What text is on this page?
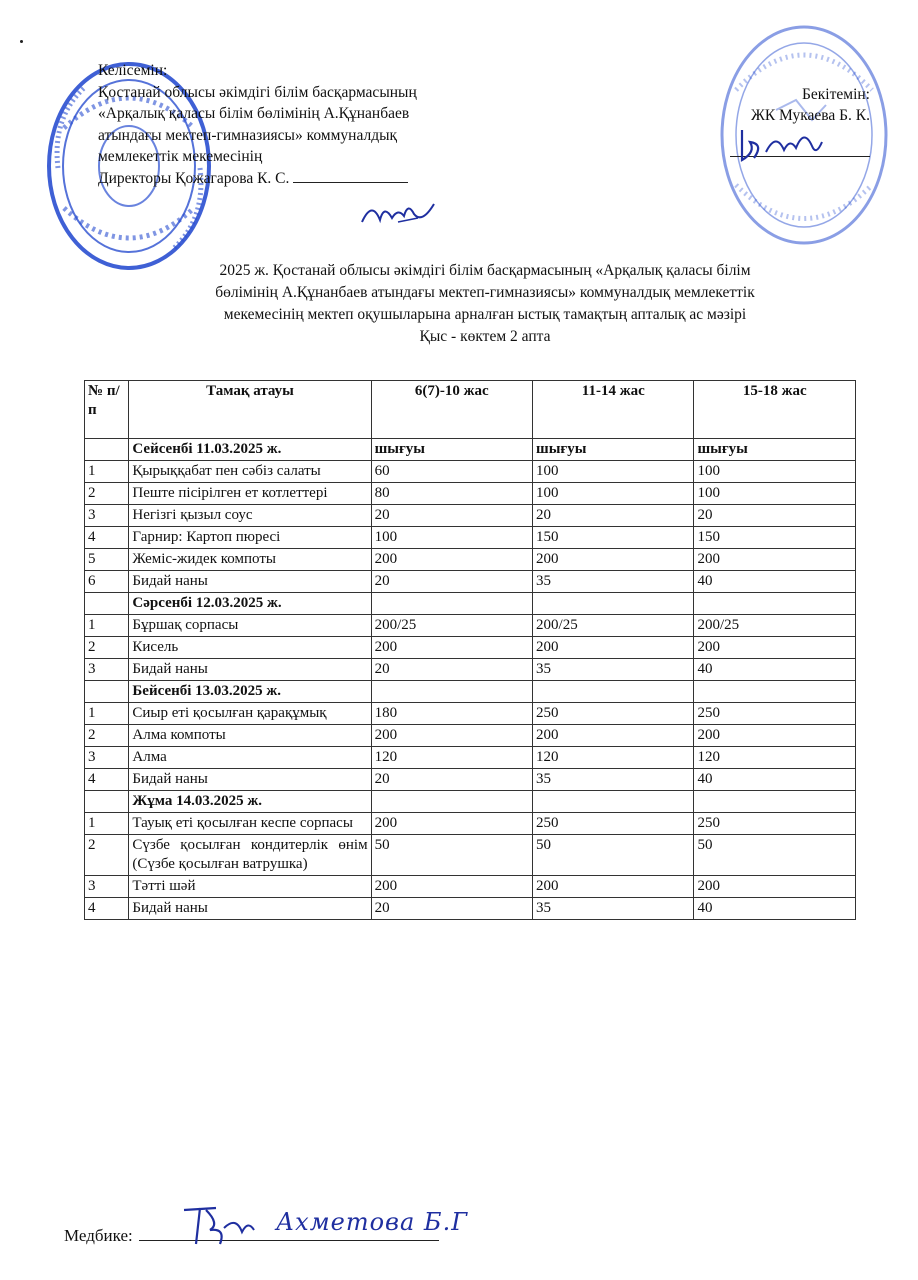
Келісемін:
Қостанай облысы әкімдігі білім басқармасының
«Арқалық қаласы білім бөлімінің А.Құнанбаев
атындағы мектеп-гимназиясы» коммуналдық
мемлекеттік мекемесінің
Директоры Қожагарова К. С.
Бекітемін:
ЖК Мукаева Б. К.
2025 ж. Қостанай облысы әкімдігі білім басқармасының «Арқалық қаласы білім
бөлімінің А.Құнанбаев атындағы мектеп-гимназиясы» коммуналдық мемлекеттік
мекемесінің мектеп оқушыларына арналған ыстық тамақтың апталық ас мәзірі
Қыс - көктем 2 апта
№ п/п	Тамақ атауы	6(7)-10 жас	11-14 жас	15-18 жас
	Сейсенбі 11.03.2025 ж.	шығуы	шығуы	шығуы
1	Қырыққабат пен сәбіз салаты	60	100	100
2	Пеште пісірілген ет котлеттері	80	100	100
3	Негізгі қызыл соус	20	20	20
4	Гарнир: Картоп пюресі	100	150	150
5	Жеміс-жидек компоты	200	200	200
6	Бидай наны	20	35	40
	Сәрсенбі 12.03.2025 ж.			
1	Бұршақ сорпасы	200/25	200/25	200/25
2	Кисель	200	200	200
3	Бидай наны	20	35	40
	Бейсенбі 13.03.2025 ж.			
1	Сиыр еті қосылған қарақұмық	180	250	250
2	Алма компоты	200	200	200
3	Алма	120	120	120
4	Бидай наны	20	35	40
	Жұма 14.03.2025 ж.			
1	Тауық еті қосылған кеспе сорпасы	200	250	250
2	Сүзбе қосылған кондитерлік өнім (Сүзбе қосылған ватрушка)	50	50	50
3	Тәтті шәй	200	200	200
4	Бидай наны	20	35	40
Медбике:	Ахметова Б.Г
